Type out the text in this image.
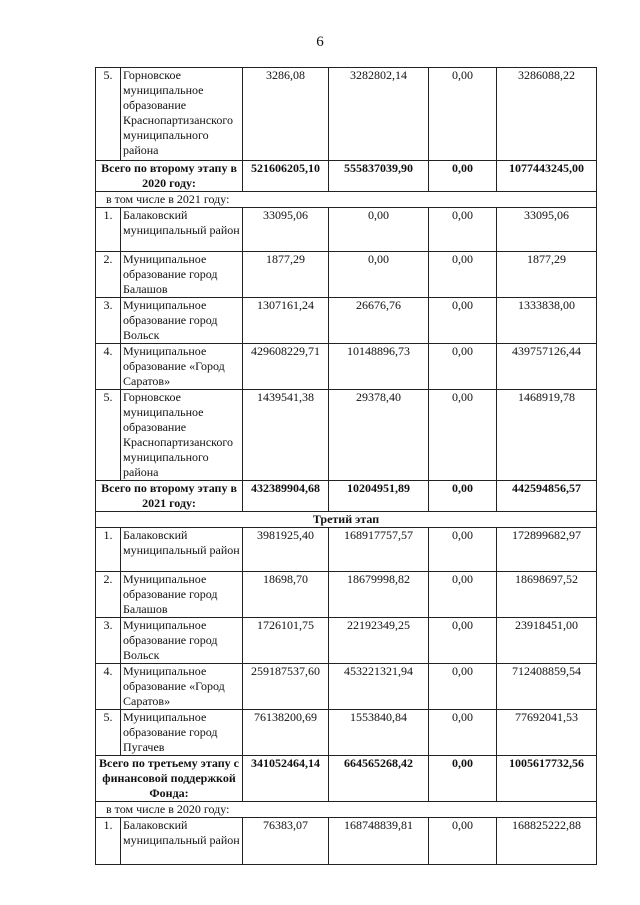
6
5.	Горновское муниципальное образование Краснопартизанского муниципального района	3286,08	3282802,14	0,00	3286088,22
Всего по второму этапу в 2020 году:		521606205,10	555837039,90	0,00	1077443245,00
в том числе в 2021 году:					
1.	Балаковский муниципальный район	33095,06	0,00	0,00	33095,06
2.	Муниципальное образование город Балашов	1877,29	0,00	0,00	1877,29
3.	Муниципальное образование город Вольск	1307161,24	26676,76	0,00	1333838,00
4.	Муниципальное образование «Город Саратов»	429608229,71	10148896,73	0,00	439757126,44
5.	Горновское муниципальное образование Краснопартизанского муниципального района	1439541,38	29378,40	0,00	1468919,78
Всего по второму этапу в 2021 году:		432389904,68	10204951,89	0,00	442594856,57
Третий этап					
1.	Балаковский муниципальный район	3981925,40	168917757,57	0,00	172899682,97
2.	Муниципальное образование город Балашов	18698,70	18679998,82	0,00	18698697,52
3.	Муниципальное образование город Вольск	1726101,75	22192349,25	0,00	23918451,00
4.	Муниципальное образование «Город Саратов»	259187537,60	453221321,94	0,00	712408859,54
5.	Муниципальное образование город Пугачев	76138200,69	1553840,84	0,00	77692041,53
Всего по третьему этапу с финансовой поддержкой Фонда:		341052464,14	664565268,42	0,00	1005617732,56
в том числе в 2020 году:					
1.	Балаковский муниципальный район	76383,07	168748839,81	0,00	168825222,88
